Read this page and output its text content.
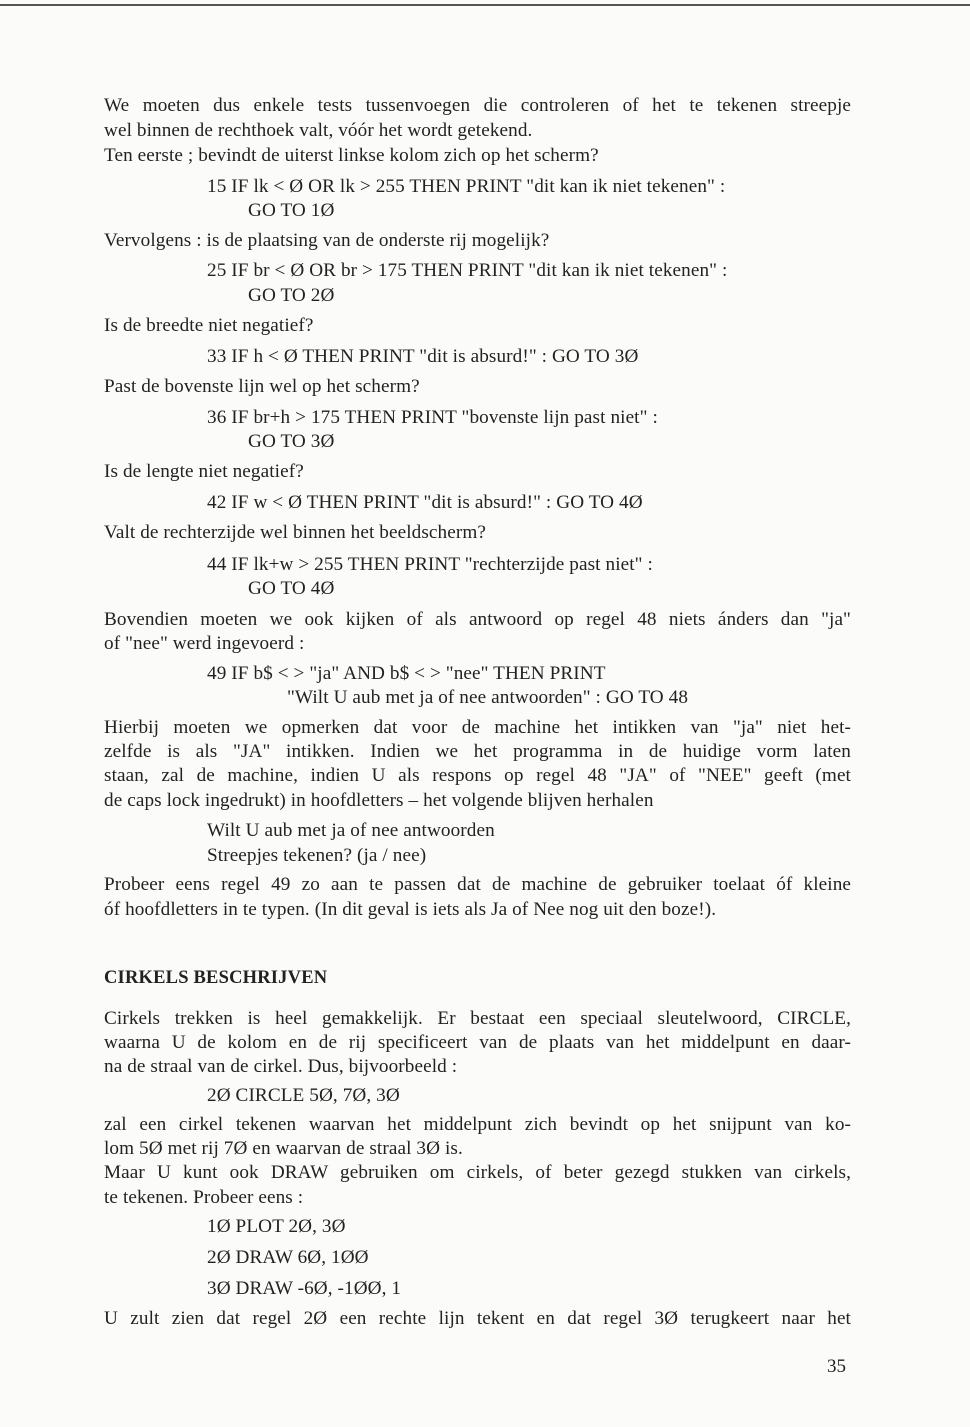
We moeten dus enkele tests tussenvoegen die controleren of het te tekenen streepje
wel binnen de rechthoek valt, vóór het wordt getekend.
Ten eerste ; bevindt de uiterst linkse kolom zich op het scherm?
15 IF lk < Ø OR lk > 255 THEN PRINT "dit kan ik niet tekenen" :
GO TO 1Ø
Vervolgens : is de plaatsing van de onderste rij mogelijk?
25 IF br < Ø OR br > 175 THEN PRINT "dit kan ik niet tekenen" :
GO TO 2Ø
Is de breedte niet negatief?
33 IF h < Ø THEN PRINT "dit is absurd!" : GO TO 3Ø
Past de bovenste lijn wel op het scherm?
36 IF br+h > 175 THEN PRINT "bovenste lijn past niet" :
GO TO 3Ø
Is de lengte niet negatief?
42 IF w < Ø THEN PRINT "dit is absurd!" : GO TO 4Ø
Valt de rechterzijde wel binnen het beeldscherm?
44 IF lk+w > 255 THEN PRINT "rechterzijde past niet" :
GO TO 4Ø
Bovendien moeten we ook kijken of als antwoord op regel 48 niets ánders dan "ja"
of "nee" werd ingevoerd :
49 IF b$ < > "ja" AND b$ < > "nee" THEN PRINT
"Wilt U aub met ja of nee antwoorden" : GO TO 48
Hierbij moeten we opmerken dat voor de machine het intikken van "ja" niet het-
zelfde is als "JA" intikken. Indien we het programma in de huidige vorm laten
staan, zal de machine, indien U als respons op regel 48 "JA" of "NEE" geeft (met
de caps lock ingedrukt) in hoofdletters – het volgende blijven herhalen
Wilt U aub met ja of nee antwoorden
Streepjes tekenen? (ja / nee)
Probeer eens regel 49 zo aan te passen dat de machine de gebruiker toelaat óf kleine
óf hoofdletters in te typen. (In dit geval is iets als Ja of Nee nog uit den boze!).
CIRKELS BESCHRIJVEN
Cirkels trekken is heel gemakkelijk. Er bestaat een speciaal sleutelwoord, CIRCLE,
waarna U de kolom en de rij specificeert van de plaats van het middelpunt en daar-
na de straal van de cirkel. Dus, bijvoorbeeld :
2Ø CIRCLE 5Ø, 7Ø, 3Ø
zal een cirkel tekenen waarvan het middelpunt zich bevindt op het snijpunt van ko-
lom 5Ø met rij 7Ø en waarvan de straal 3Ø is.
Maar U kunt ook DRAW gebruiken om cirkels, of beter gezegd stukken van cirkels,
te tekenen. Probeer eens :
1Ø PLOT 2Ø, 3Ø
2Ø DRAW 6Ø, 1ØØ
3Ø DRAW -6Ø, -1ØØ, 1
U zult zien dat regel 2Ø een rechte lijn tekent en dat regel 3Ø terugkeert naar het
35
